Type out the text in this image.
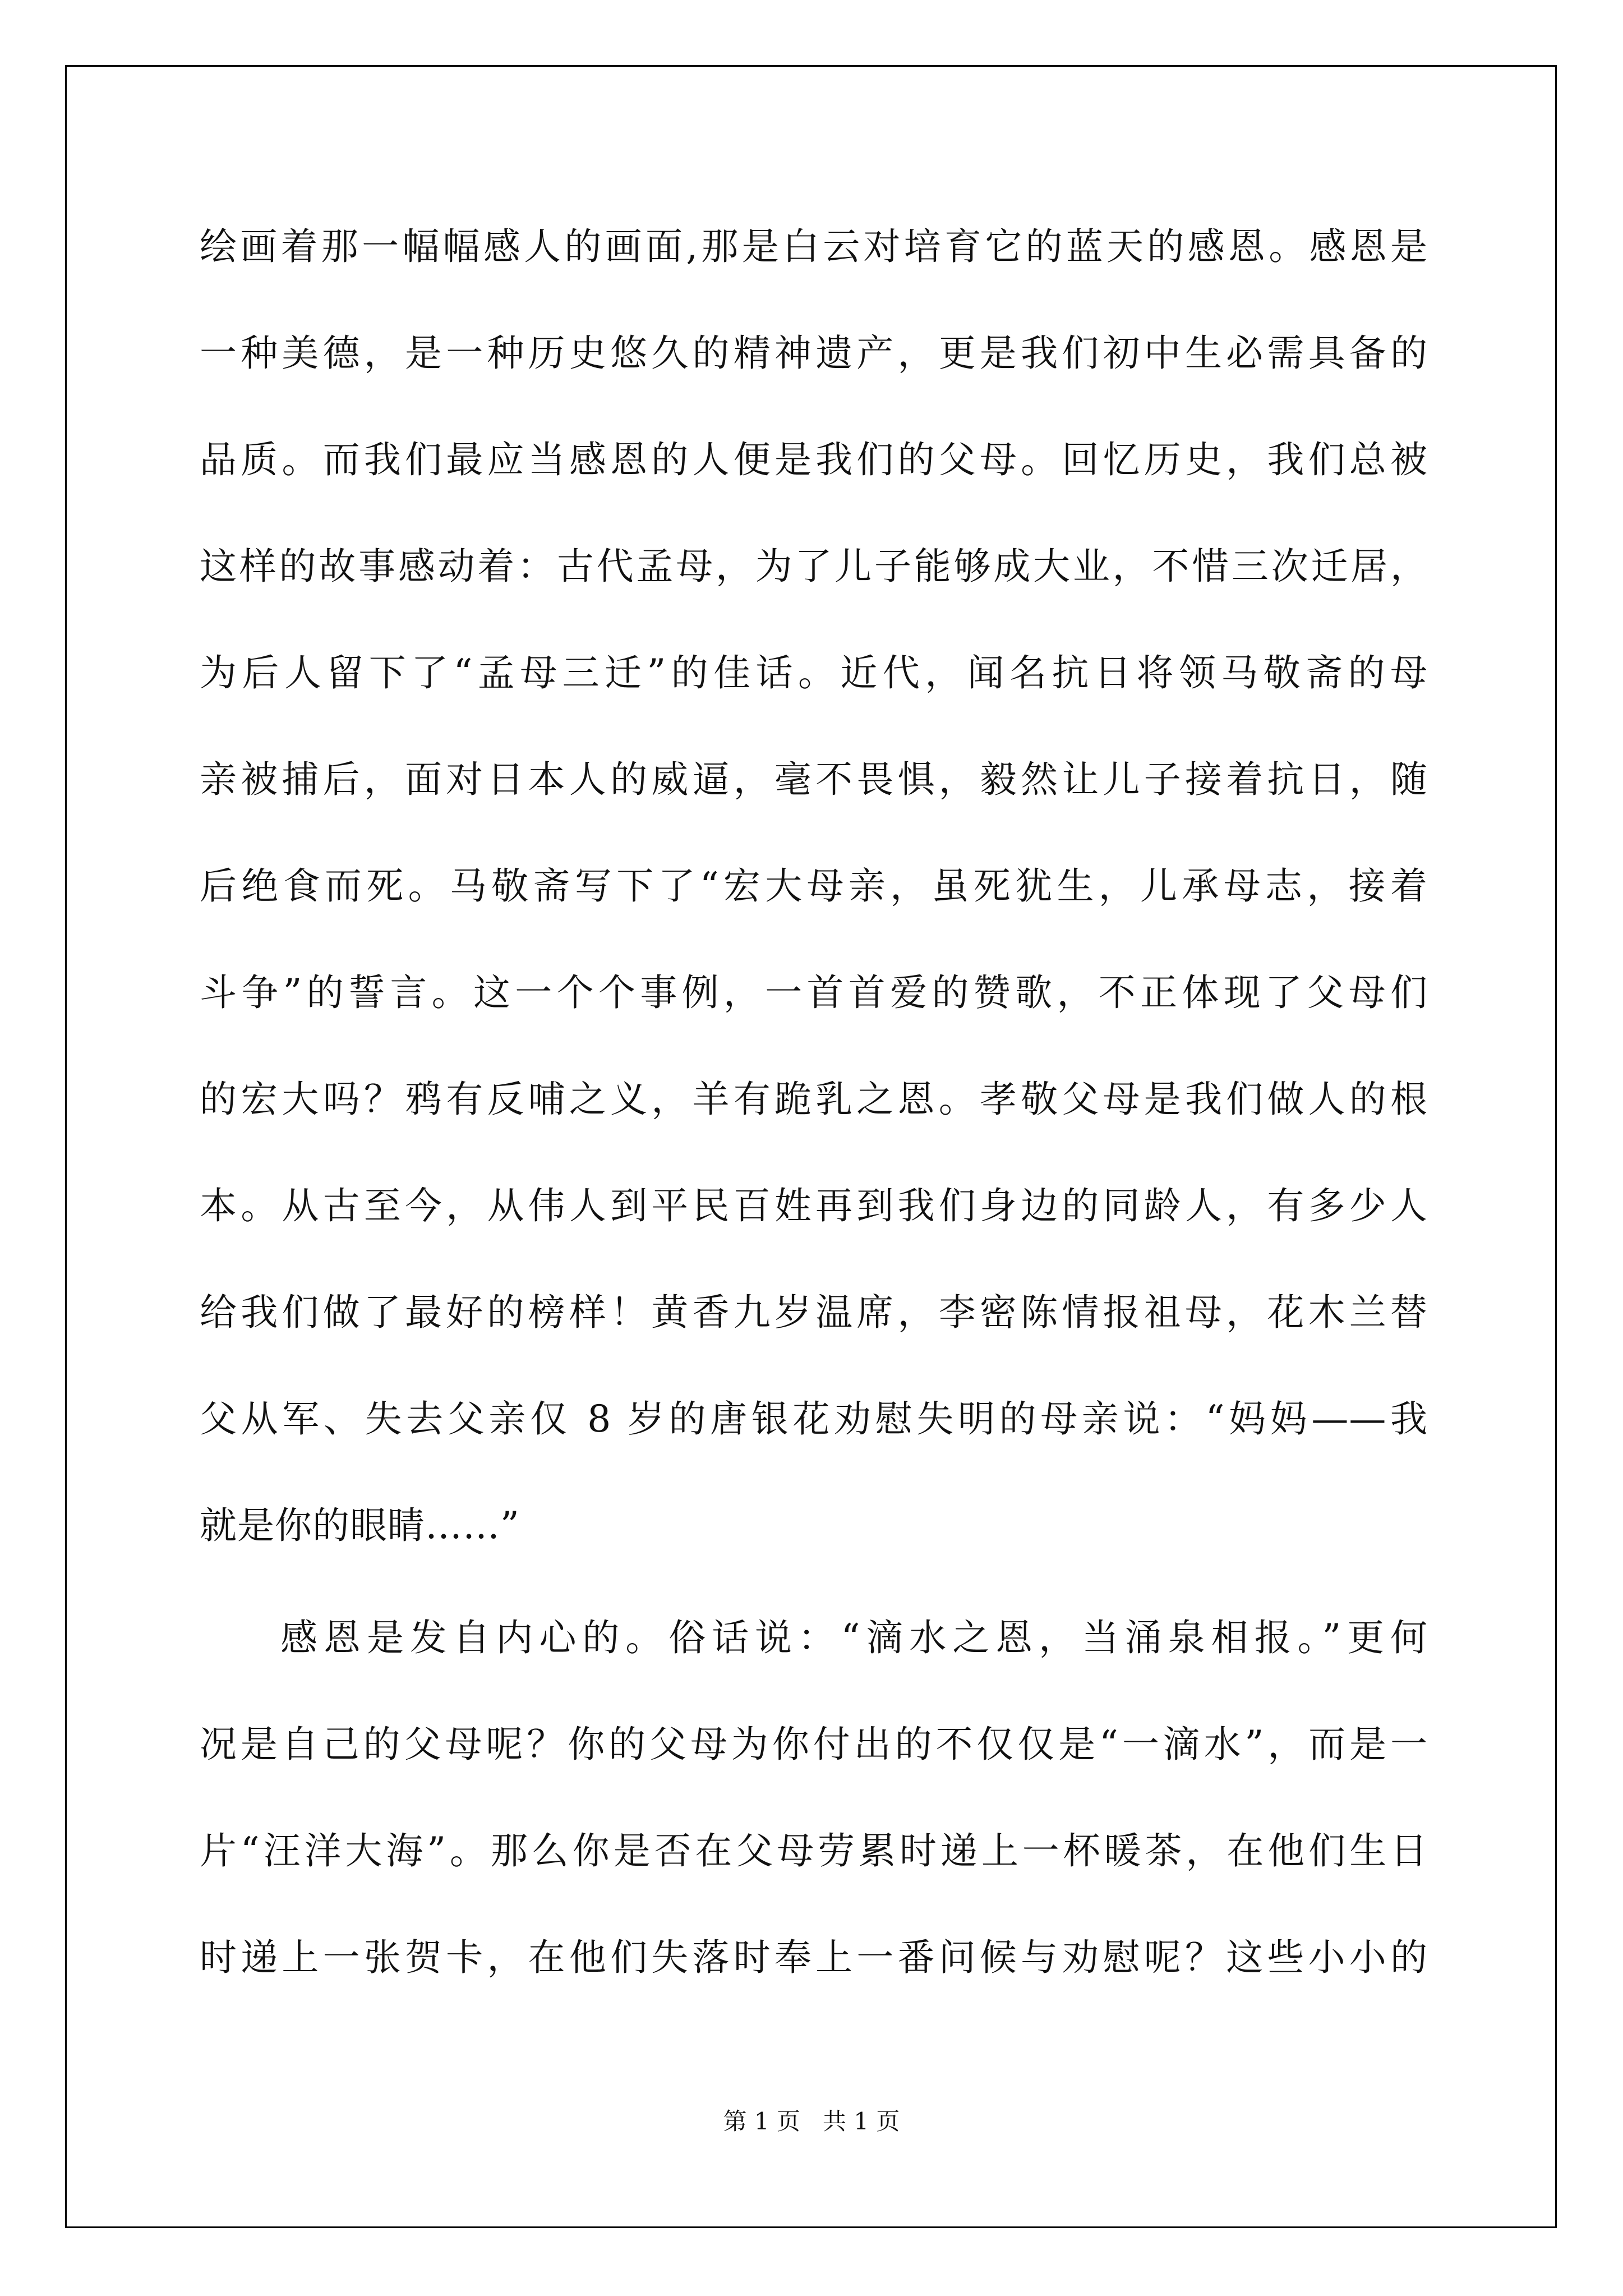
绘画着那一幅幅感人的画面,那是白云对培育它的蓝天的感恩。感恩是
一种美德，是一种历史悠久的精神遗产，更是我们初中生必需具备的
品质。而我们最应当感恩的人便是我们的父母。回忆历史，我们总被
这样的故事感动着：古代孟母，为了儿子能够成大业，不惜三次迁居，
为后人留下了“孟母三迁”的佳话。近代，闻名抗日将领马敬斋的母
亲被捕后，面对日本人的威逼，毫不畏惧，毅然让儿子接着抗日，随
后绝食而死。马敬斋写下了“宏大母亲，虽死犹生，儿承母志，接着
斗争”的誓言。这一个个事例，一首首爱的赞歌，不正体现了父母们
的宏大吗？鸦有反哺之义，羊有跪乳之恩。孝敬父母是我们做人的根
本。从古至今，从伟人到平民百姓再到我们身边的同龄人，有多少人
给我们做了最好的榜样！黄香九岁温席，李密陈情报祖母，花木兰替
父从军、失去父亲仅 8 岁的唐银花劝慰失明的母亲说：“妈妈——我
就是你的眼睛……”
感恩是发自内心的。俗话说：“滴水之恩，当涌泉相报。”更何
况是自己的父母呢？你的父母为你付出的不仅仅是“一滴水”，而是一
片“汪洋大海”。那么你是否在父母劳累时递上一杯暖茶，在他们生日
时递上一张贺卡，在他们失落时奉上一番问候与劝慰呢？这些小小的
第 1 页 共 1 页
